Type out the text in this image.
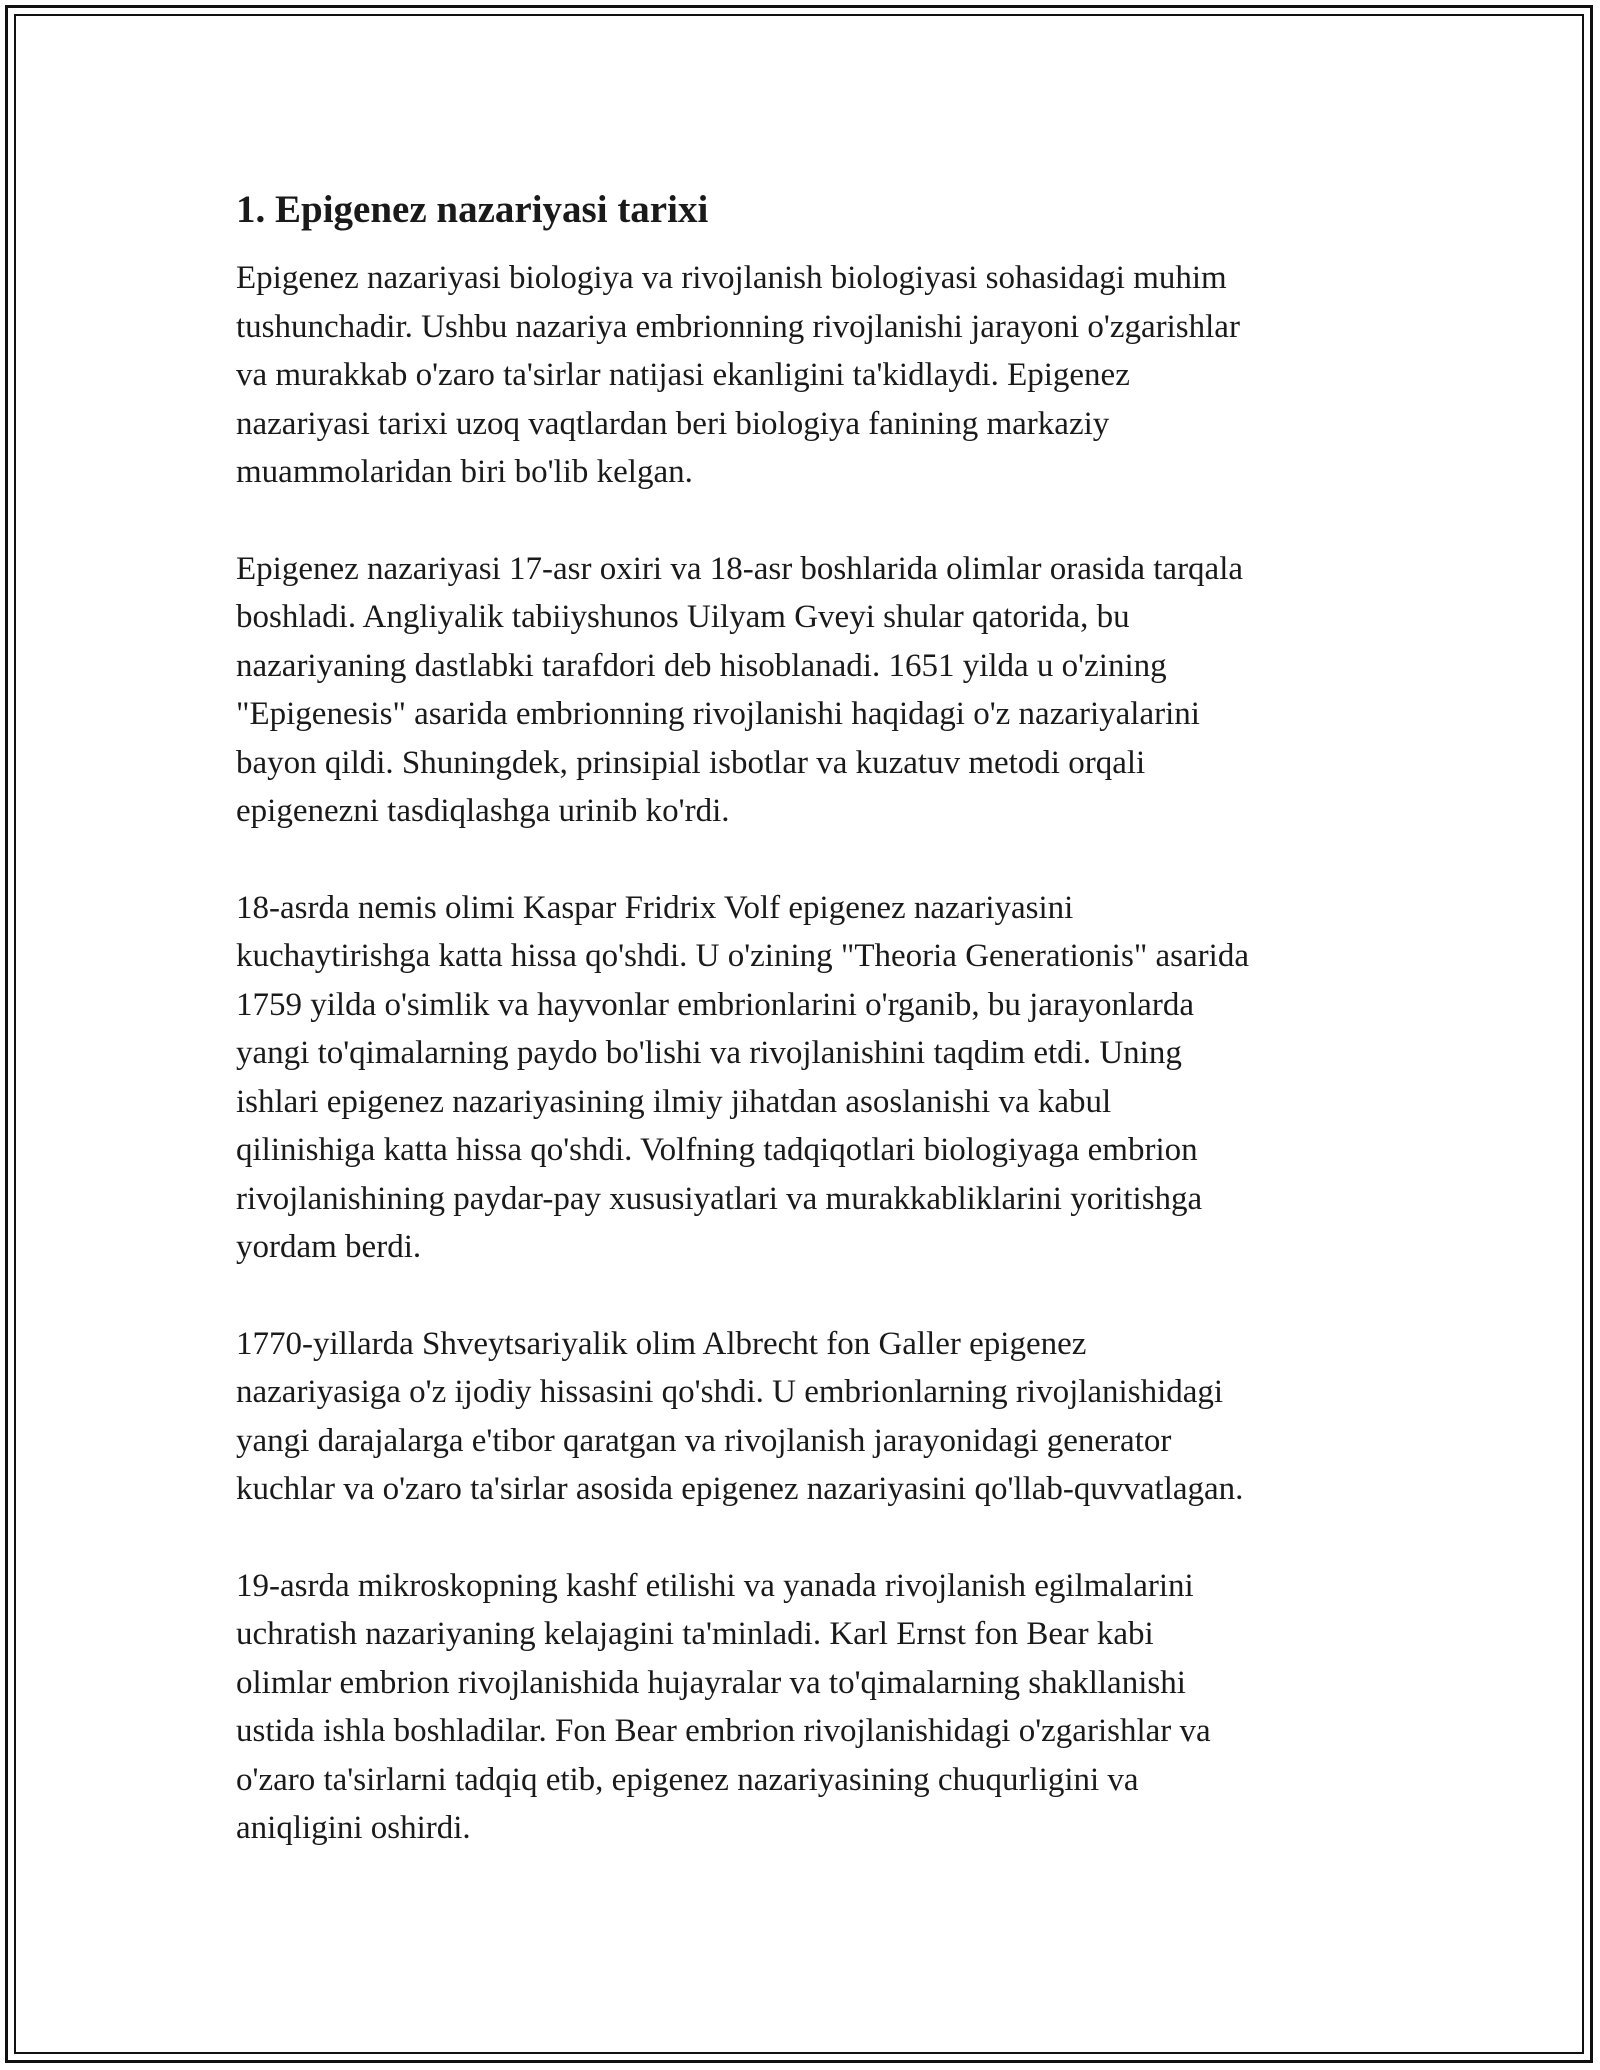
1. Epigenez nazariyasi tarixi

Epigenez nazariyasi biologiya va rivojlanish biologiyasi sohasidagi muhim
tushunchadir. Ushbu nazariya embrionning rivojlanishi jarayoni o'zgarishlar
va murakkab o'zaro ta'sirlar natijasi ekanligini ta'kidlaydi. Epigenez
nazariyasi tarixi uzoq vaqtlardan beri biologiya fanining markaziy
muammolaridan biri bo'lib kelgan.

Epigenez nazariyasi 17-asr oxiri va 18-asr boshlarida olimlar orasida tarqala
boshladi. Angliyalik tabiiyshunos Uilyam Gveyi shular qatorida, bu
nazariyaning dastlabki tarafdori deb hisoblanadi. 1651 yilda u o'zining
"Epigenesis" asarida embrionning rivojlanishi haqidagi o'z nazariyalarini
bayon qildi. Shuningdek, prinsipial isbotlar va kuzatuv metodi orqali
epigenezni tasdiqlashga urinib ko'rdi.

18-asrda nemis olimi Kaspar Fridrix Volf epigenez nazariyasini
kuchaytirishga katta hissa qo'shdi. U o'zining "Theoria Generationis" asarida
1759 yilda o'simlik va hayvonlar embrionlarini o'rganib, bu jarayonlarda
yangi to'qimalarning paydo bo'lishi va rivojlanishini taqdim etdi. Uning
ishlari epigenez nazariyasining ilmiy jihatdan asoslanishi va kabul
qilinishiga katta hissa qo'shdi. Volfning tadqiqotlari biologiyaga embrion
rivojlanishining paydar-pay xususiyatlari va murakkabliklarini yoritishga
yordam berdi.

1770-yillarda Shveytsariyalik olim Albrecht fon Galler epigenez
nazariyasiga o'z ijodiy hissasini qo'shdi. U embrionlarning rivojlanishidagi
yangi darajalarga e'tibor qaratgan va rivojlanish jarayonidagi generator
kuchlar va o'zaro ta'sirlar asosida epigenez nazariyasini qo'llab-quvvatlagan.

19-asrda mikroskopning kashf etilishi va yanada rivojlanish egilmalarini
uchratish nazariyaning kelajagini ta'minladi. Karl Ernst fon Bear kabi
olimlar embrion rivojlanishida hujayralar va to'qimalarning shakllanishi
ustida ishla boshladilar. Fon Bear embrion rivojlanishidagi o'zgarishlar va
o'zaro ta'sirlarni tadqiq etib, epigenez nazariyasining chuqurligini va
aniqligini oshirdi.
